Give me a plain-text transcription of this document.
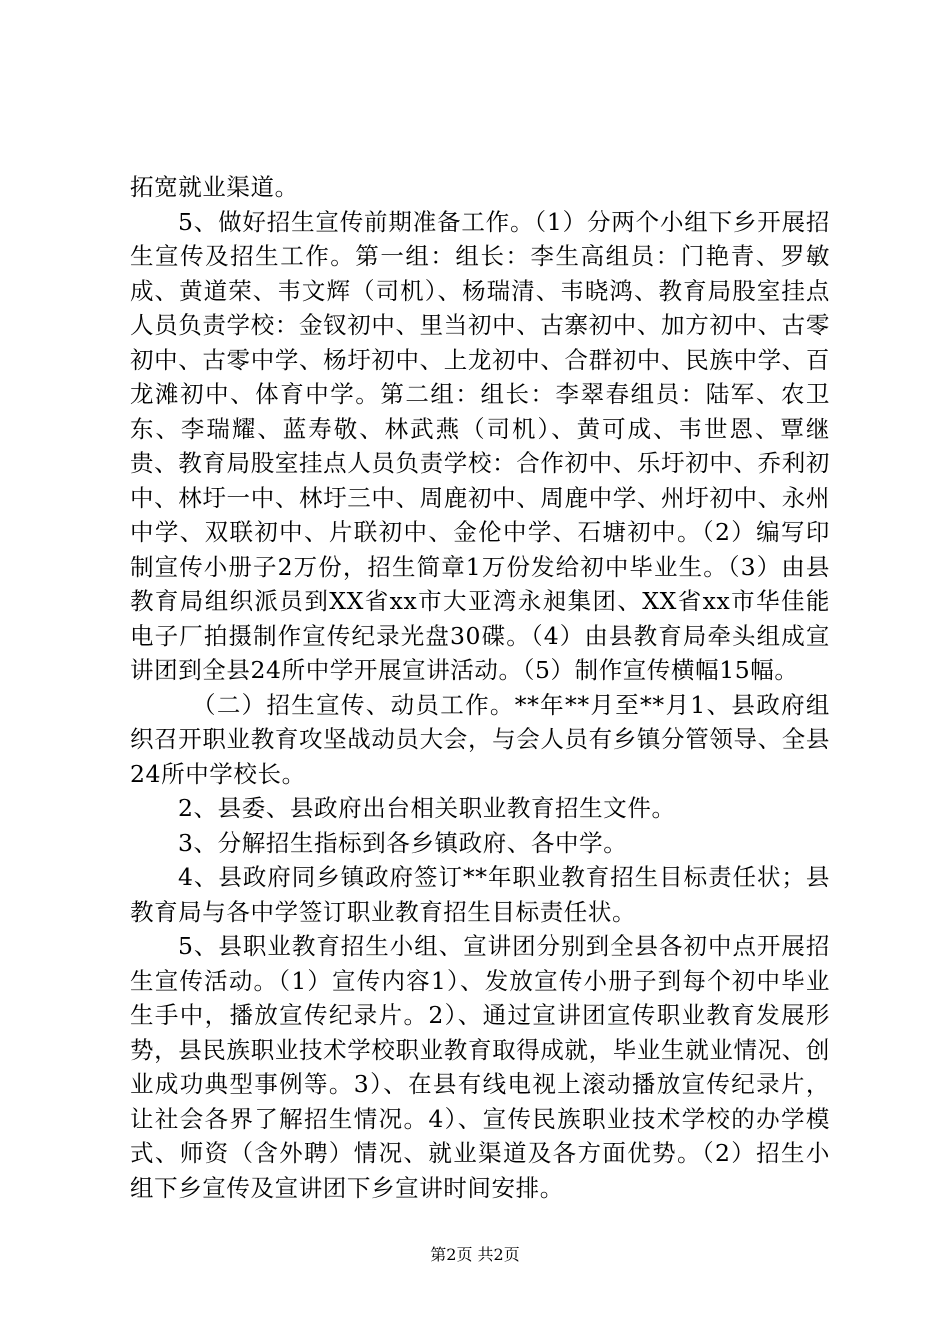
拓宽就业渠道。

5、做好招生宣传前期准备工作。（1）分两个小组下乡开展招生宣传及招生工作。第一组：组长：李生高组员：门艳青、罗敏成、黄道荣、韦文辉（司机）、杨瑞清、韦晓鸿、教育局股室挂点人员负责学校：金钗初中、里当初中、古寨初中、加方初中、古零初中、古零中学、杨圩初中、上龙初中、合群初中、民族中学、百龙滩初中、体育中学。第二组：组长：李翠春组员：陆军、农卫东、李瑞耀、蓝寿敬、林武燕（司机）、黄可成、韦世恩、覃继贵、教育局股室挂点人员负责学校：合作初中、乐圩初中、乔利初中、林圩一中、林圩三中、周鹿初中、周鹿中学、州圩初中、永州中学、双联初中、片联初中、金伦中学、石塘初中。（2）编写印制宣传小册子2万份，招生简章1万份发给初中毕业生。（3）由县教育局组织派员到XX省xx市大亚湾永昶集团、XX省xx市华佳能电子厂拍摄制作宣传纪录光盘30碟。（4）由县教育局牵头组成宣讲团到全县24所中学开展宣讲活动。（5）制作宣传横幅15幅。

（二）招生宣传、动员工作。**年**月至**月1、县政府组织召开职业教育攻坚战动员大会，与会人员有乡镇分管领导、全县24所中学校长。

2、县委、县政府出台相关职业教育招生文件。

3、分解招生指标到各乡镇政府、各中学。

4、县政府同乡镇政府签订**年职业教育招生目标责任状；县教育局与各中学签订职业教育招生目标责任状。

5、县职业教育招生小组、宣讲团分别到全县各初中点开展招生宣传活动。（1）宣传内容1）、发放宣传小册子到每个初中毕业生手中，播放宣传纪录片。2）、通过宣讲团宣传职业教育发展形势，县民族职业技术学校职业教育取得成就，毕业生就业情况、创业成功典型事例等。3）、在县有线电视上滚动播放宣传纪录片，让社会各界了解招生情况。4）、宣传民族职业技术学校的办学模式、师资（含外聘）情况、就业渠道及各方面优势。（2）招生小组下乡宣传及宣讲团下乡宣讲时间安排。

第2页 共2页
